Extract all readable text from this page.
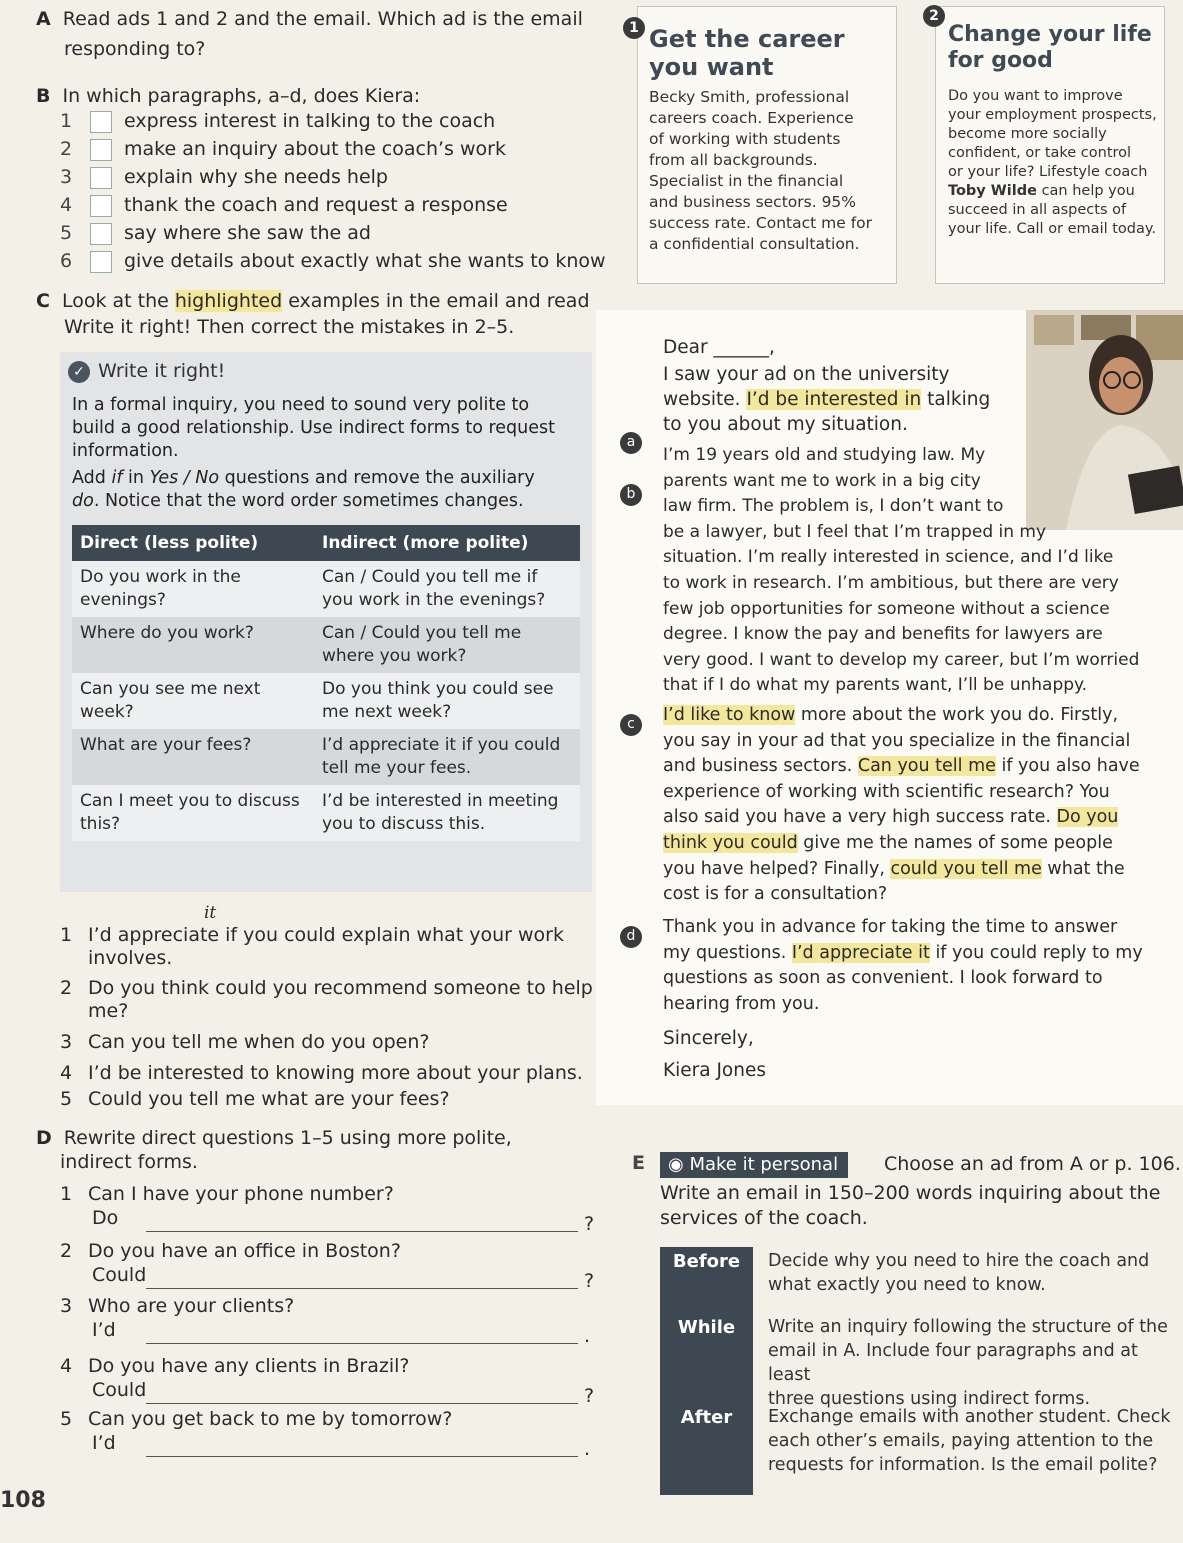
A Read ads 1 and 2 and the email. Which ad is the email
responding to?
B In which paragraphs, a–d, does Kiera:
1	express interest in talking to the coach
2	make an inquiry about the coach’s work
3	explain why she needs help
4	thank the coach and request a response
5	say where she saw the ad
6	give details about exactly what she wants to know
1 Get the career
you want
Becky Smith, professional
careers coach. Experience
of working with students
from all backgrounds.
Specialist in the financial
and business sectors. 95%
success rate. Contact me for
a confidential consultation.
2
Change your life
for good
Do you want to improve
your employment prospects,
become more socially
confident, or take control
or your life? Lifestyle coach
Toby Wilde can help you
succeed in all aspects of
your life. Call or email today.
C Look at the highlighted examples in the email and read
Write it right! Then correct the mistakes in 2–5.
✓ Write it right!
In a formal inquiry, you need to sound very polite to
build a good relationship. Use indirect forms to request
information.
Add if in Yes / No questions and remove the auxiliary
do. Notice that the word order sometimes changes.
Direct (less polite)	Indirect (more polite)
Do you work in the evenings?	Can / Could you tell me if you work in the evenings?
Where do you work?	Can / Could you tell me where you work?
Can you see me next week?	Do you think you could see me next week?
What are your fees?	I’d appreciate it if you could tell me your fees.
Can I meet you to discuss this?	I’d be interested in meeting you to discuss this.
1 I’d appreciate if you could explain what your work
involves.
it
2 Do you think could you recommend someone to help
me?
3 Can you tell me when do you open?
4 I’d be interested to knowing more about your plans.
5 Could you tell me what are your fees?
Dear ______,
a
I saw your ad on the university
website. I’d be interested in talking
to you about my situation.
b
I’m 19 years old and studying law. My
parents want me to work in a big city
law firm. The problem is, I don’t want to
be a lawyer, but I feel that I’m trapped in my
situation. I’m really interested in science, and I’d like
to work in research. I’m ambitious, but there are very
few job opportunities for someone without a science
degree. I know the pay and benefits for lawyers are
very good. I want to develop my career, but I’m worried
that if I do what my parents want, I’ll be unhappy.
c	I’d like to know more about the work you do. Firstly,
you say in your ad that you specialize in the financial
and business sectors. Can you tell me if you also have
experience of working with scientific research? You
also said you have a very high success rate. Do you
think you could give me the names of some people
you have helped? Finally, could you tell me what the
cost is for a consultation?
d	Thank you in advance for taking the time to answer
my questions. I’d appreciate it if you could reply to my
questions as soon as convenient. I look forward to
hearing from you.
Sincerely,
Kiera Jones
D Rewrite direct questions 1–5 using more polite,
indirect forms.
1 Can I have your phone number?
Do	?
2 Do you have an office in Boston?
Could	?
3 Who are your clients?
I’d	.
4 Do you have any clients in Brazil?
Could	?
5 Can you get back to me by tomorrow?
I’d	.
E	◉ Make it personal	Choose an ad from A or p. 106.
Write an email in 150–200 words inquiring about the
services of the coach.
Before	Decide why you need to hire the coach and
what exactly you need to know.
While	Write an inquiry following the structure of the
email in A. Include four paragraphs and at least
three questions using indirect forms.
After	Exchange emails with another student. Check
each other’s emails, paying attention to the
requests for information. Is the email polite?
108
